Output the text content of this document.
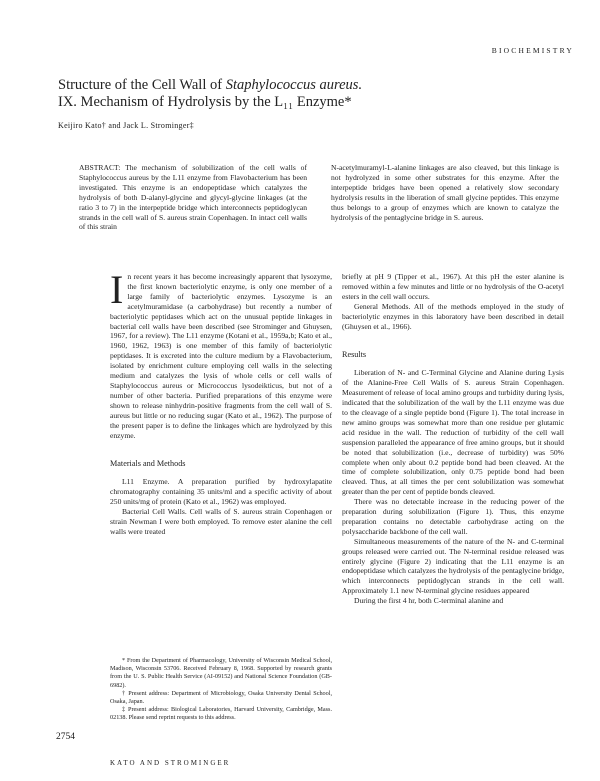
BIOCHEMISTRY
Structure of the Cell Wall of Staphylococcus aureus.
IX. Mechanism of Hydrolysis by the L₁₁ Enzyme*
Keijiro Kato† and Jack L. Strominger‡
ABSTRACT: The mechanism of solubilization of the cell walls of Staphylococcus aureus by the L11 enzyme from Flavobacterium has been investigated. This enzyme is an endopeptidase which catalyzes the hydrolysis of both D-alanyl-glycine and glycyl-glycine linkages (at the ratio 3 to 7) in the interpeptide bridge which interconnects peptidoglycan strands in the cell wall of S. aureus strain Copenhagen. In intact cell walls of this strain
N-acetylmuramyl-L-alanine linkages are also cleaved, but this linkage is not hydrolyzed in some other substrates for this enzyme. After the interpeptide bridges have been opened a relatively slow secondary hydrolysis results in the liberation of small glycine peptides. This enzyme thus belongs to a group of enzymes which are known to catalyze the hydrolysis of the pentaglycine bridge in S. aureus.

In recent years it has become increasingly apparent that lysozyme, the first known bacteriolytic enzyme, is only one member of a large family of bacteriolytic enzymes. Lysozyme is an acetylmuramidase (a carbohydrase) but recently a number of bacteriolytic peptidases which act on the unusual peptide linkages in bacterial cell walls have been described (see Strominger and Ghuysen, 1967, for a review). The L11 enzyme (Kotani et al., 1959a,b; Kato et al., 1960, 1962, 1963) is one member of this family of bacteriolytic peptidases. It is excreted into the culture medium by a Flavobacterium, isolated by enrichment culture employing cell walls in the selecting medium and catalyzes the lysis of whole cells or cell walls of Staphylococcus aureus or Micrococcus lysodeikticus, but not of a number of other bacteria. Purified preparations of this enzyme were shown to release ninhydrin-positive fragments from the cell wall of S. aureus but little or no reducing sugar (Kato et al., 1962). The purpose of the present paper is to define the linkages which are hydrolyzed by this enzyme.

Materials and Methods

L11 Enzyme. A preparation purified by hydroxylapatite chromatography containing 35 units/ml and a specific activity of about 250 units/mg of protein (Kato et al., 1962) was employed.

Bacterial Cell Walls. Cell walls of S. aureus strain Copenhagen or strain Newman I were both employed. To remove ester alanine the cell walls were treated

briefly at pH 9 (Tipper et al., 1967). At this pH the ester alanine is removed within a few minutes and little or no hydrolysis of the O-acetyl esters in the cell wall occurs.

General Methods. All of the methods employed in the study of bacteriolytic enzymes in this laboratory have been described in detail (Ghuysen et al., 1966).

Results

Liberation of N- and C-Terminal Glycine and Alanine during Lysis of the Alanine-Free Cell Walls of S. aureus Strain Copenhagen. Measurement of release of local amino groups and turbidity during lysis, indicated that the solubilization of the wall by the L11 enzyme was due to the cleavage of a single peptide bond (Figure 1). The total increase in new amino groups was somewhat more than one residue per glutamic acid residue in the wall. The reduction of turbidity of the cell wall suspension paralleled the appearance of free amino groups, but it should be noted that solubilization (i.e., decrease of turbidity) was 50% complete when only about 0.2 peptide bond had been cleaved. At the time of complete solubilization, only 0.75 peptide bond had been cleaved. Thus, at all times the per cent solubilization was somewhat greater than the per cent of peptide bonds cleaved.

There was no detectable increase in the reducing power of the preparation during solubilization (Figure 1). Thus, this enzyme preparation contains no detectable carbohydrase acting on the polysaccharide backbone of the cell wall.

Simultaneous measurements of the nature of the N- and C-terminal groups released were carried out. The N-terminal residue released was entirely glycine (Figure 2) indicating that the L11 enzyme is an endopeptidase which catalyzes the hydrolysis of the pentaglycine bridge, which interconnects peptidoglycan strands in the cell wall. Approximately 1.1 new N-terminal glycine residues appeared

During the first 4 hr, both C-terminal alanine and

* From the Department of Pharmacology, University of Wisconsin Medical School, Madison, Wisconsin 53706. Received February 8, 1968. Supported by research grants from the U. S. Public Health Service (AI-09152) and National Science Foundation (GB-6982).

† Present address: Department of Microbiology, Osaka University Dental School, Osaka, Japan.

‡ Present address: Biological Laboratories, Harvard University, Cambridge, Mass. 02138. Please send reprint requests to this address.

2754
KATO AND STROMINGER
